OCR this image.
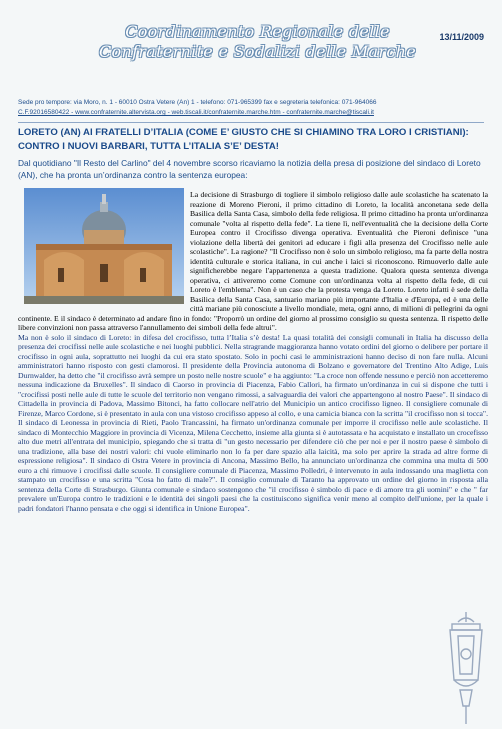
Coordinamento Regionale delle Confraternite e Sodalizi delle Marche
13/11/2009
Sede pro tempore: via Moro, n. 1 - 60010 Ostra Vetere (An) 1 - telefono: 071-965399 fax e segreteria telefonica: 071-964066
C.F.92016580422 - www.confraternite.altervista.org - web.tiscali.it/confraternite.marche.htm - confraternite.marche@tiscali.it
LORETO (AN) AI FRATELLI D’ITALIA (COME E’ GIUSTO CHE SI CHIAMINO TRA LORO I CRISTIANI): CONTRO I NUOVI BARBARI, TUTTA L’ITALIA S’E’ DESTA!
Dal quotidiano "Il Resto del Carlino" del 4 novembre scorso ricaviamo la notizia della presa di posizione del sindaco di Loreto (AN), che ha pronta un’ordinanza contro la sentenza europea:

La decisione di Strasburgo di togliere il simbolo religioso dalle aule scolastiche ha scatenato la reazione di Moreno Pieroni, il primo cittadino di Loreto, la località anconetana sede della Basilica della Santa Casa, simbolo della fede religiosa. Il primo cittadino ha pronta un'ordinanza comunale "volta al rispetto della fede". La tiene lì, nell'eventualità che la decisione della Corte Europea contro il Crocifisso divenga operativa. Eventualità che Pieroni definisce "una violazione della libertà dei genitori ad educare i figli alla presenza del Crocifisso nelle aule scolastiche". La ragione? "Il Crocifisso non è solo un simbolo religioso, ma fa parte della nostra identità culturale e storica italiana, in cui anche i laici si riconoscono. Rimuoverlo dalle aule significherebbe negare l'appartenenza a questa tradizione. Qualora questa sentenza divenga operativa, ci attiveremo come Comune con un'ordinanza volta al rispetto della fede, di cui Loreto è l'emblema". Non è un caso che la protesta venga da Loreto. Loreto infatti è sede della Basilica della Santa Casa, santuario mariano più importante d'Italia e d'Europa, ed è una delle città mariane più conosciute a livello mondiale, meta, ogni anno, di milioni di pellegrini da ogni continente. E il sindaco è determinato ad andare fino in fondo: "Proporrò un ordine del giorno al prossimo consiglio su questa sentenza. Il rispetto delle libere convinzioni non passa attraverso l'annullamento dei simboli della fede altrui".

Ma non è solo il sindaco di Loreto: in difesa del crocifisso, tutta l’Italia s’è desta! La quasi totalità dei consigli comunali in Italia ha discusso della presenza dei crocifissi nelle aule scolastiche e nei luoghi pubblici. Nella stragrande maggioranza hanno votato ordini del giorno o delibere per portare il crocifisso in ogni aula, soprattutto nei luoghi da cui era stato spostato. Solo in pochi casi le amministrazioni hanno deciso di non fare nulla. Alcuni amministratori hanno risposto con gesti clamorosi. Il presidente della Provincia autonoma di Bolzano e governatore del Trentino Alto Adige, Luis Durnwalder, ha detto che "il crocifisso avrà sempre un posto nelle nostre scuole" e ha aggiunto: "La croce non offende nessuno e perciò non accetteremo nessuna indicazione da Bruxelles". Il sindaco di Caorso in provincia di Piacenza, Fabio Callori, ha firmato un'ordinanza in cui si dispone che tutti i "crocifissi posti nelle aule di tutte le scuole del territorio non vengano rimossi, a salvaguardia dei valori che appartengono al nostro Paese". Il sindaco di Cittadella in provincia di Padova, Massimo Bitonci, ha fatto collocare nell'atrio del Municipio un antico crocifisso ligneo. Il consigliere comunale di Firenze, Marco Cordone, si è presentato in aula con una vistoso crocifisso appeso al collo, e una camicia bianca con la scritta "il crocifisso non si tocca". Il sindaco di Leonessa in provincia di Rieti, Paolo Trancassini, ha firmato un'ordinanza comunale per imporre il crocifisso nelle aule scolastiche. Il sindaco di Montecchio Maggiore in provincia di Vicenza, Milena Cecchetto, insieme alla giunta si è autotassata e ha acquistato e installato un crocefisso alto due metri all'entrata del municipio, spiegando che si tratta di "un gesto necessario per difendere ciò che per noi e per il nostro paese è simbolo di una tradizione, alla base dei nostri valori: chi vuole eliminarlo non lo fa per dare spazio alla laicità, ma solo per aprire la strada ad altre forme di espressione religiosa". Il sindaco di Ostra Vetere in provincia di Ancona, Massimo Bello, ha annunciato un'ordinanza che commina una multa di 500 euro a chi rimuove i crocifissi dalle scuole. Il consigliere comunale di Piacenza, Massimo Polledri, è intervenuto in aula indossando una maglietta con stampato un crocifisso e una scritta "Cosa ho fatto di male?". Il consiglio comunale di Taranto ha approvato un ordine del giorno in risposta alla sentenza della Corte di Strasburgo. Giunta comunale e sindaco sostengono che "il crocifisso è simbolo di pace e di amore tra gli uomini" e che " far prevalere un'Europa contro le tradizioni e le identità dei singoli paesi che la costituiscono significa venir meno al compito dell'unione, per la quale i padri fondatori l'hanno pensata e che oggi si identifica in Unione Europea".
